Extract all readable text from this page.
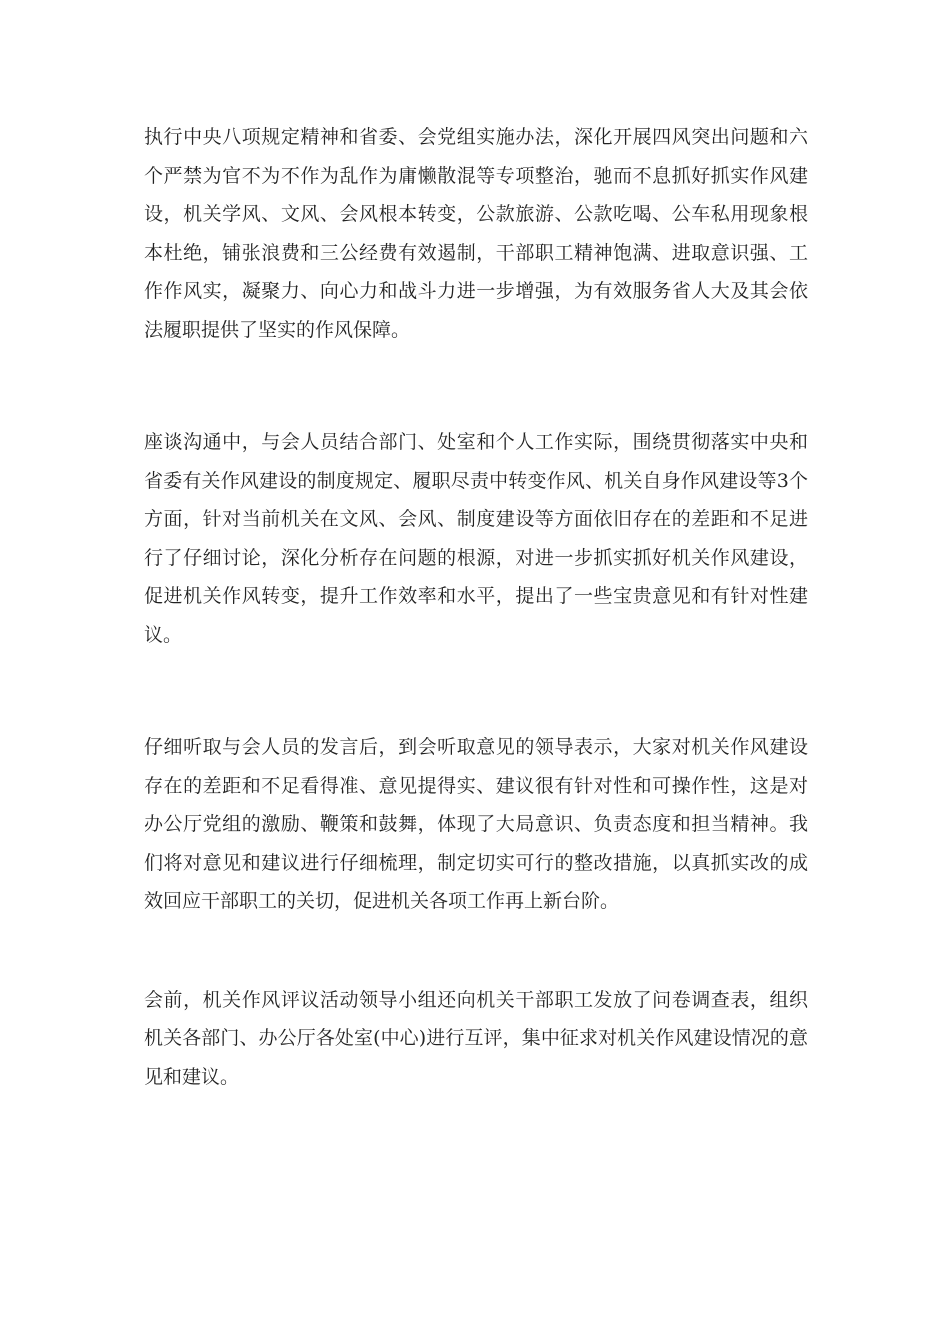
执行中央八项规定精神和省委、会党组实施办法，深化开展四风突出问题和六个严禁为官不为不作为乱作为庸懒散混等专项整治，驰而不息抓好抓实作风建设，机关学风、文风、会风根本转变，公款旅游、公款吃喝、公车私用现象根本杜绝，铺张浪费和三公经费有效遏制，干部职工精神饱满、进取意识强、工作作风实，凝聚力、向心力和战斗力进一步增强，为有效服务省人大及其会依法履职提供了坚实的作风保障。

座谈沟通中，与会人员结合部门、处室和个人工作实际，围绕贯彻落实中央和省委有关作风建设的制度规定、履职尽责中转变作风、机关自身作风建设等3个方面，针对当前机关在文风、会风、制度建设等方面依旧存在的差距和不足进行了仔细讨论，深化分析存在问题的根源，对进一步抓实抓好机关作风建设，促进机关作风转变，提升工作效率和水平，提出了一些宝贵意见和有针对性建议。

仔细听取与会人员的发言后，到会听取意见的领导表示，大家对机关作风建设存在的差距和不足看得准、意见提得实、建议很有针对性和可操作性，这是对办公厅党组的激励、鞭策和鼓舞，体现了大局意识、负责态度和担当精神。我们将对意见和建议进行仔细梳理，制定切实可行的整改措施，以真抓实改的成效回应干部职工的关切，促进机关各项工作再上新台阶。

会前，机关作风评议活动领导小组还向机关干部职工发放了问卷调查表，组织机关各部门、办公厅各处室(中心)进行互评，集中征求对机关作风建设情况的意见和建议。
